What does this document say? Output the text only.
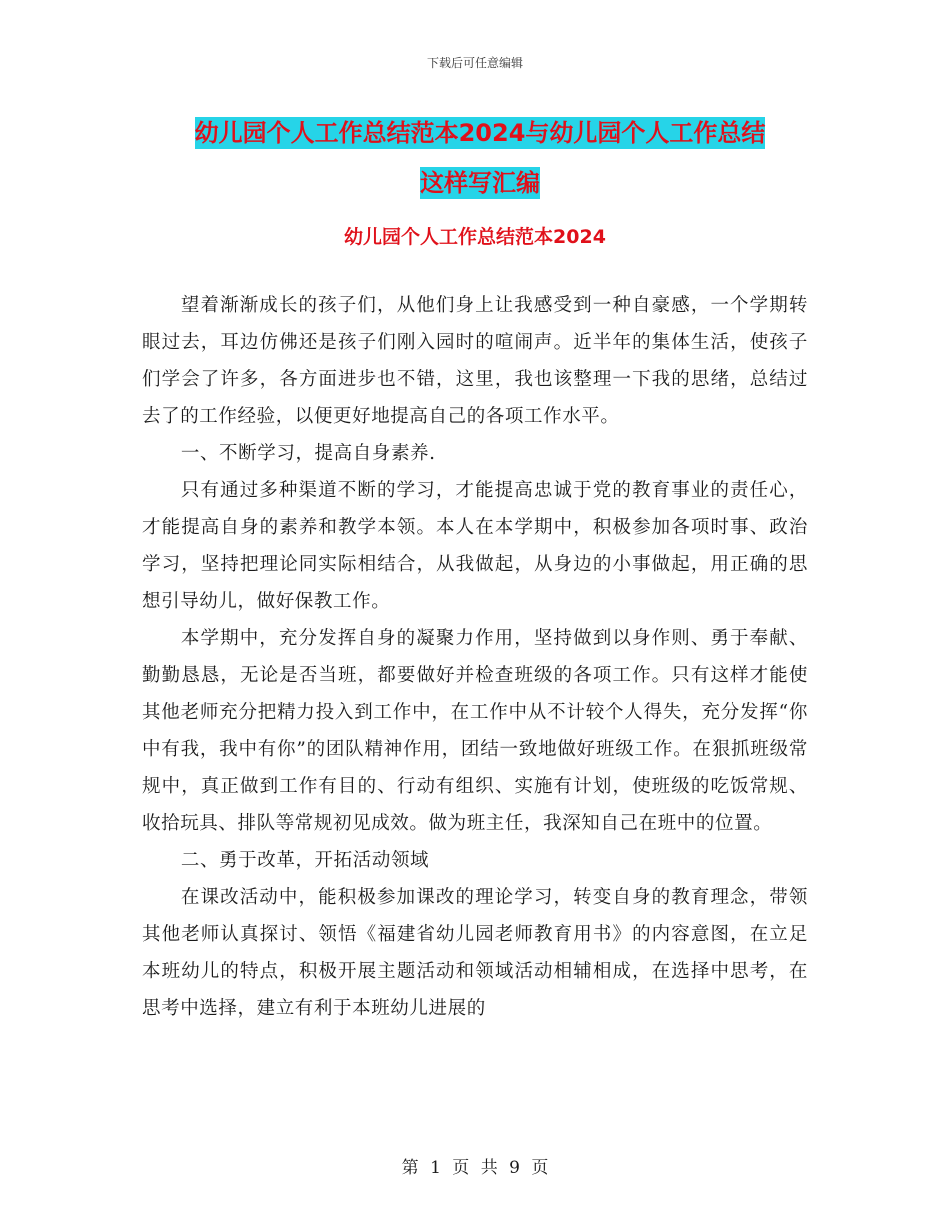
下载后可任意编辑
幼儿园个人工作总结范本2024与幼儿园个人工作总结
这样写汇编
幼儿园个人工作总结范本2024

望着渐渐成长的孩子们，从他们身上让我感受到一种自豪感，一个学期转眼过去，耳边仿佛还是孩子们刚入园时的喧闹声。近半年的集体生活，使孩子们学会了许多，各方面进步也不错，这里，我也该整理一下我的思绪，总结过去了的工作经验，以便更好地提高自己的各项工作水平。

一、不断学习，提高自身素养.

只有通过多种渠道不断的学习，才能提高忠诚于党的教育事业的责任心，才能提高自身的素养和教学本领。本人在本学期中，积极参加各项时事、政治学习，坚持把理论同实际相结合，从我做起，从身边的小事做起，用正确的思想引导幼儿，做好保教工作。

本学期中，充分发挥自身的凝聚力作用，坚持做到以身作则、勇于奉献、勤勤恳恳，无论是否当班，都要做好并检查班级的各项工作。只有这样才能使其他老师充分把精力投入到工作中，在工作中从不计较个人得失，充分发挥“你中有我，我中有你”的团队精神作用，团结一致地做好班级工作。在狠抓班级常规中，真正做到工作有目的、行动有组织、实施有计划，使班级的吃饭常规、收拾玩具、排队等常规初见成效。做为班主任，我深知自己在班中的位置。

二、勇于改革，开拓活动领域

在课改活动中，能积极参加课改的理论学习，转变自身的教育理念，带领其他老师认真探讨、领悟《福建省幼儿园老师教育用书》的内容意图，在立足本班幼儿的特点，积极开展主题活动和领域活动相辅相成，在选择中思考，在思考中选择，建立有利于本班幼儿进展的

第 1 页 共 9 页
